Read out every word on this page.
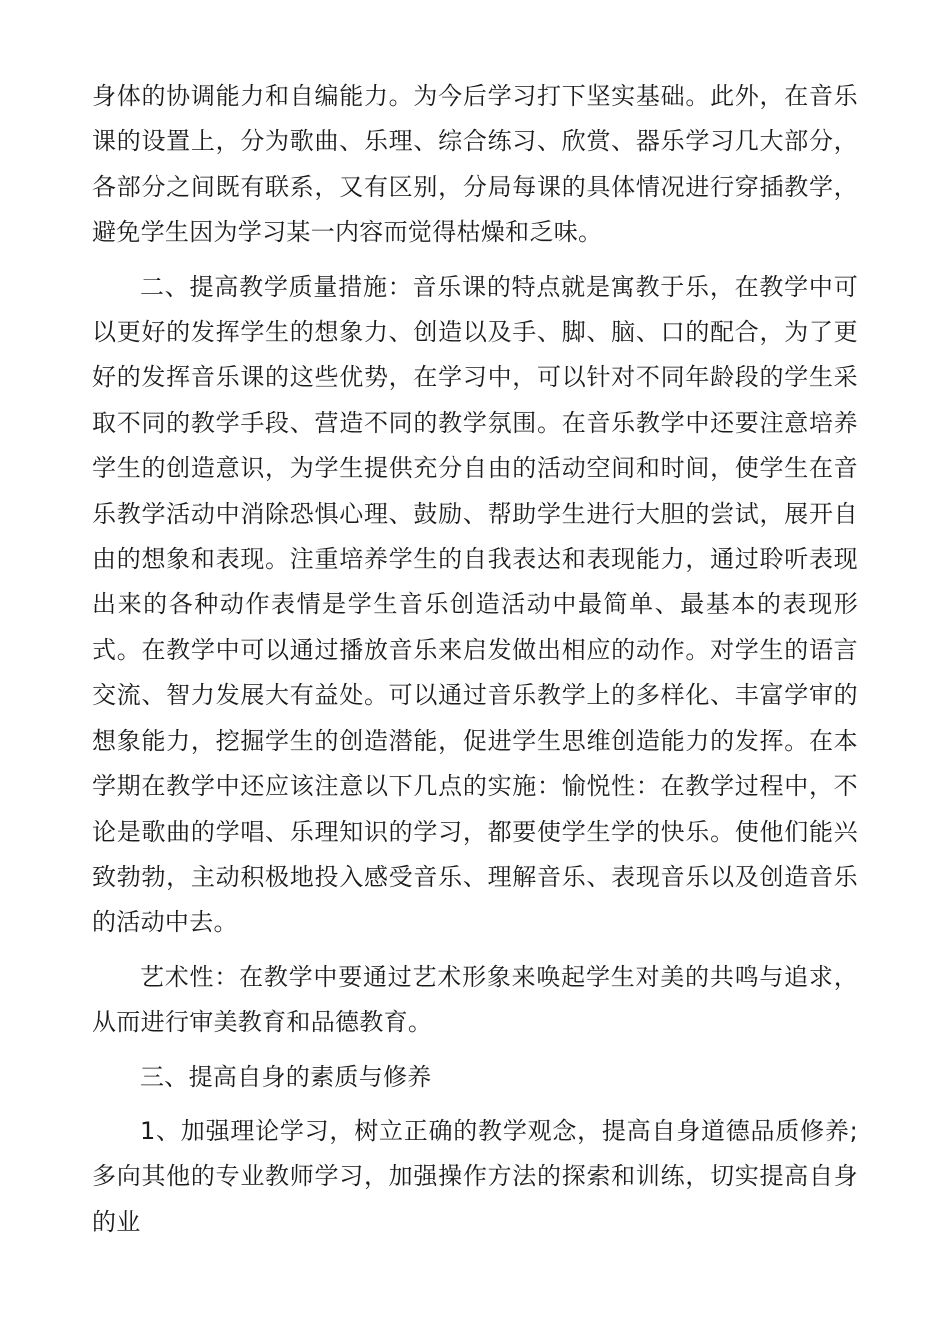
身体的协调能力和自编能力。为今后学习打下坚实基础。此外，在音乐课的设置上，分为歌曲、乐理、综合练习、欣赏、器乐学习几大部分，各部分之间既有联系，又有区别，分局每课的具体情况进行穿插教学，避免学生因为学习某一内容而觉得枯燥和乏味。

二、提高教学质量措施：音乐课的特点就是寓教于乐，在教学中可以更好的发挥学生的想象力、创造以及手、脚、脑、口的配合，为了更好的发挥音乐课的这些优势，在学习中，可以针对不同年龄段的学生采取不同的教学手段、营造不同的教学氛围。在音乐教学中还要注意培养学生的创造意识，为学生提供充分自由的活动空间和时间，使学生在音乐教学活动中消除恐惧心理、鼓励、帮助学生进行大胆的尝试，展开自由的想象和表现。注重培养学生的自我表达和表现能力，通过聆听表现出来的各种动作表情是学生音乐创造活动中最简单、最基本的表现形式。在教学中可以通过播放音乐来启发做出相应的动作。对学生的语言交流、智力发展大有益处。可以通过音乐教学上的多样化、丰富学审的想象能力，挖掘学生的创造潜能，促进学生思维创造能力的发挥。在本学期在教学中还应该注意以下几点的实施：愉悦性：在教学过程中，不论是歌曲的学唱、乐理知识的学习，都要使学生学的快乐。使他们能兴致勃勃，主动积极地投入感受音乐、理解音乐、表现音乐以及创造音乐的活动中去。

艺术性：在教学中要通过艺术形象来唤起学生对美的共鸣与追求，从而进行审美教育和品德教育。

三、提高自身的素质与修养

1、加强理论学习，树立正确的教学观念，提高自身道德品质修养;多向其他的专业教师学习，加强操作方法的探索和训练，切实提高自身的业
